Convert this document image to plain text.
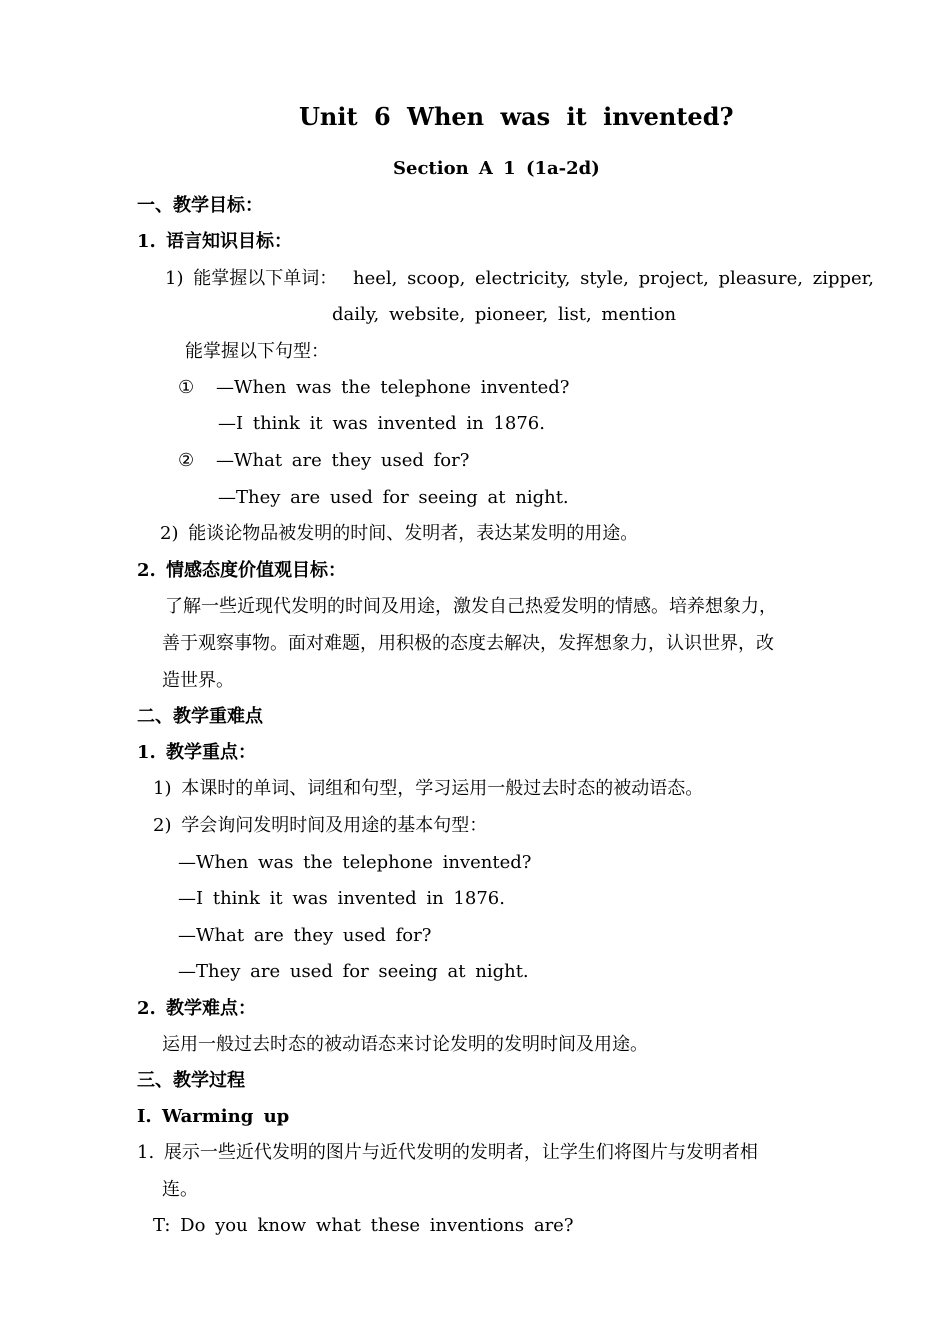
Unit 6 When was it invented?
Section A 1 (1a-2d)
一、教学目标：
1. 语言知识目标：
1) 能掌握以下单词： heel, scoop, electricity, style, project, pleasure, zipper,
daily, website, pioneer, list, mention
能掌握以下句型：
① —When was the telephone invented?
—I think it was invented in 1876.
② —What are they used for?
—They are used for seeing at night.
2) 能谈论物品被发明的时间、发明者，表达某发明的用途。
2. 情感态度价值观目标：
了解一些近现代发明的时间及用途，激发自己热爱发明的情感。培养想象力，
善于观察事物。面对难题，用积极的态度去解决，发挥想象力，认识世界，改
造世界。
二、教学重难点
1. 教学重点：
1) 本课时的单词、词组和句型，学习运用一般过去时态的被动语态。
2) 学会询问发明时间及用途的基本句型：
—When was the telephone invented?
—I think it was invented in 1876.
—What are they used for?
—They are used for seeing at night.
2. 教学难点：
运用一般过去时态的被动语态来讨论发明的发明时间及用途。
三、教学过程
I. Warming up
1. 展示一些近代发明的图片与近代发明的发明者，让学生们将图片与发明者相
连。
T: Do you know what these inventions are?
